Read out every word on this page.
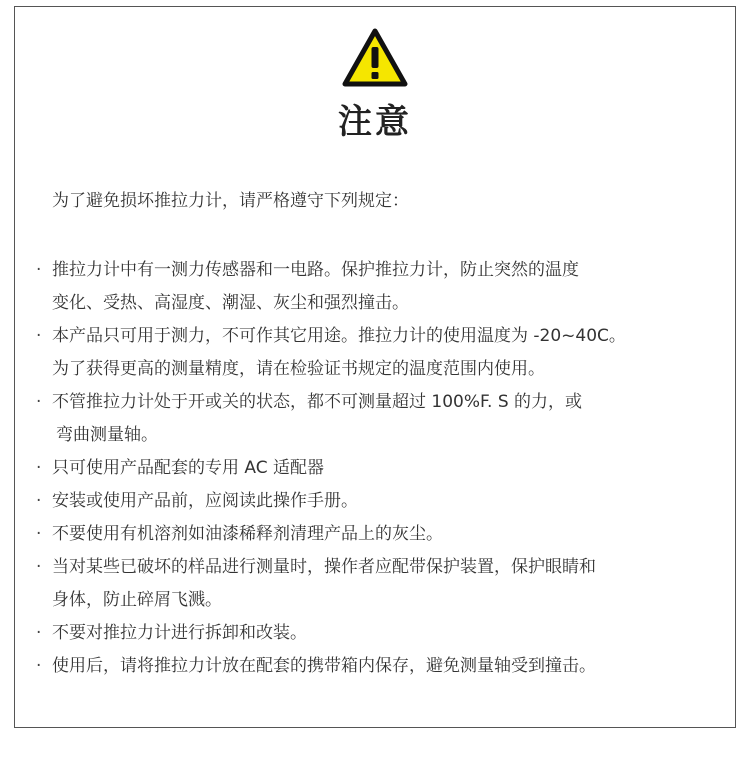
注意
为了避免损坏推拉力计，请严格遵守下列规定：
· 推拉力计中有一测力传感器和一电路。保护推拉力计，防止突然的温度
变化、受热、高湿度、潮湿、灰尘和强烈撞击。
· 本产品只可用于测力，不可作其它用途。推拉力计的使用温度为 -20~40C。
为了获得更高的测量精度，请在检验证书规定的温度范围内使用。
· 不管推拉力计处于开或关的状态，都不可测量超过 100%F. S 的力，或
弯曲测量轴。
· 只可使用产品配套的专用 AC 适配器
· 安装或使用产品前，应阅读此操作手册。
· 不要使用有机溶剂如油漆稀释剂清理产品上的灰尘。
· 当对某些已破坏的样品进行测量时，操作者应配带保护装置，保护眼睛和
身体，防止碎屑飞溅。
· 不要对推拉力计进行拆卸和改装。
· 使用后，请将推拉力计放在配套的携带箱内保存，避免测量轴受到撞击。
